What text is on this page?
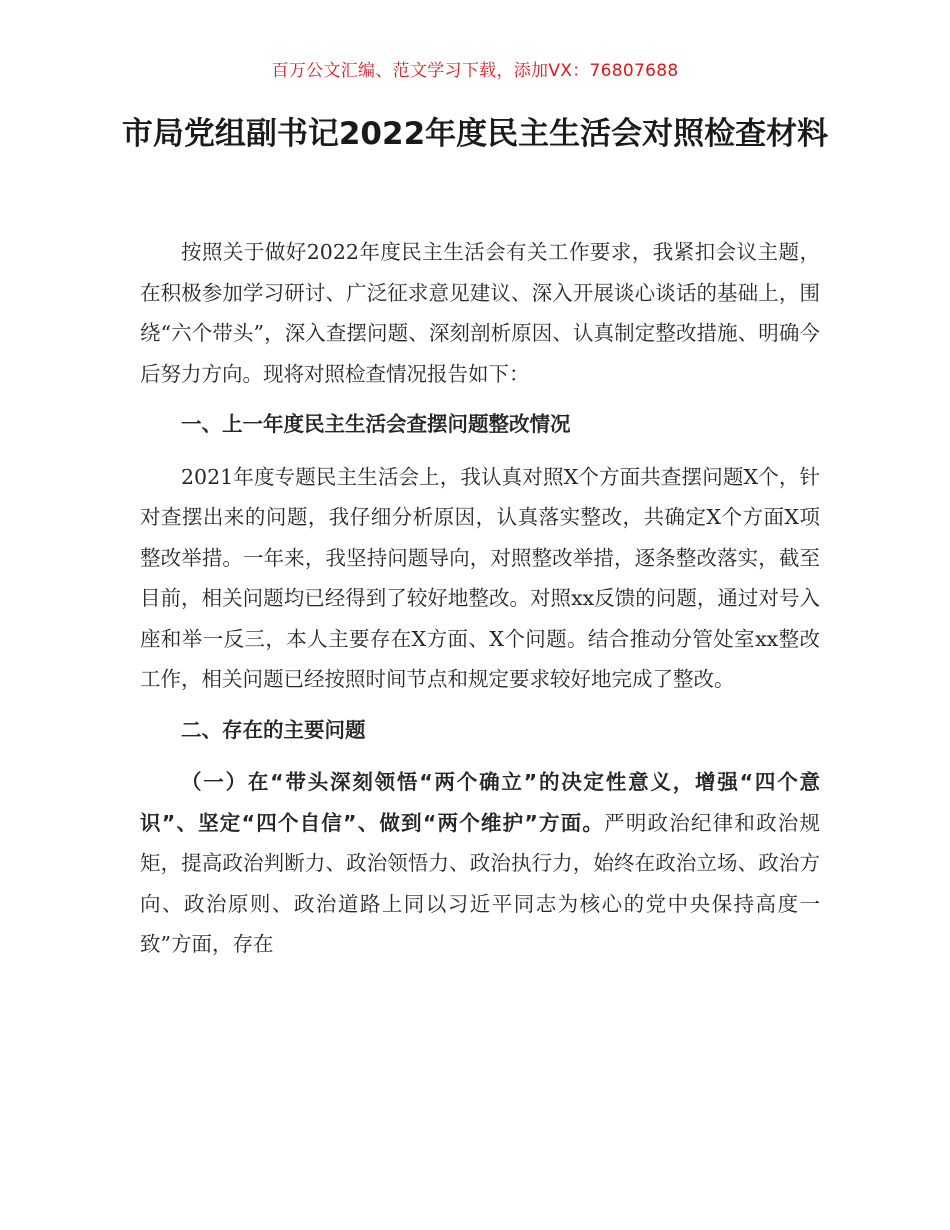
百万公文汇编、范文学习下载，添加VX：76807688
市局党组副书记2022年度民主生活会对照检查材料

按照关于做好2022年度民主生活会有关工作要求，我紧扣会议主题，在积极参加学习研讨、广泛征求意见建议、深入开展谈心谈话的基础上，围绕“六个带头”，深入查摆问题、深刻剖析原因、认真制定整改措施、明确今后努力方向。现将对照检查情况报告如下：

一、上一年度民主生活会查摆问题整改情况

2021年度专题民主生活会上，我认真对照X个方面共查摆问题X个，针对查摆出来的问题，我仔细分析原因，认真落实整改，共确定X个方面X项整改举措。一年来，我坚持问题导向，对照整改举措，逐条整改落实，截至目前，相关问题均已经得到了较好地整改。对照xx反馈的问题，通过对号入座和举一反三，本人主要存在X方面、X个问题。结合推动分管处室xx整改工作，相关问题已经按照时间节点和规定要求较好地完成了整改。

二、存在的主要问题

（一）在“带头深刻领悟“两个确立”的决定性意义，增强“四个意识”、坚定“四个自信”、做到“两个维护”方面。严明政治纪律和政治规矩，提高政治判断力、政治领悟力、政治执行力，始终在政治立场、政治方向、政治原则、政治道路上同以习近平同志为核心的党中央保持高度一致”方面，存在
